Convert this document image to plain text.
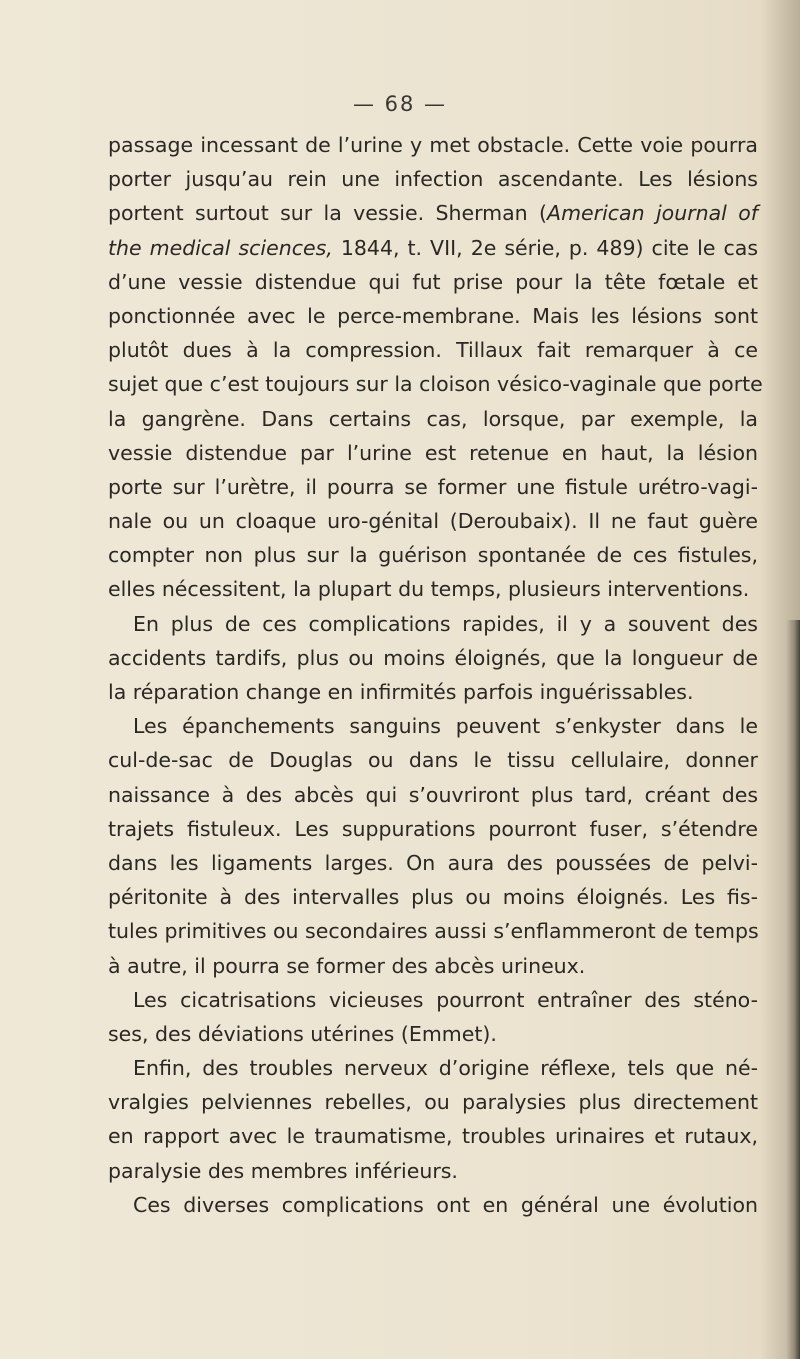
— 68 —
passage incessant de l’urine y met obstacle. Cette voie pourra
porter jusqu’au rein une infection ascendante. Les lésions
portent surtout sur la vessie. Sherman (American journal of
the medical sciences, 1844, t. VII, 2e série, p. 489) cite le cas
d’une vessie distendue qui fut prise pour la tête fœtale et
ponctionnée avec le perce-membrane. Mais les lésions sont
plutôt dues à la compression. Tillaux fait remarquer à ce
sujet que c’est toujours sur la cloison vésico-vaginale que porte
la gangrène. Dans certains cas, lorsque, par exemple, la
vessie distendue par l’urine est retenue en haut, la lésion
porte sur l’urètre, il pourra se former une fistule urétro-vagi-
nale ou un cloaque uro-génital (Deroubaix). Il ne faut guère
compter non plus sur la guérison spontanée de ces fistules,
elles nécessitent, la plupart du temps, plusieurs interventions.
En plus de ces complications rapides, il y a souvent des
accidents tardifs, plus ou moins éloignés, que la longueur de
la réparation change en infirmités parfois inguérissables.
Les épanchements sanguins peuvent s’enkyster dans le
cul-de-sac de Douglas ou dans le tissu cellulaire, donner
naissance à des abcès qui s’ouvriront plus tard, créant des
trajets fistuleux. Les suppurations pourront fuser, s’étendre
dans les ligaments larges. On aura des poussées de pelvi-
péritonite à des intervalles plus ou moins éloignés. Les fis-
tules primitives ou secondaires aussi s’enflammeront de temps
à autre, il pourra se former des abcès urineux.
Les cicatrisations vicieuses pourront entraîner des sténo-
ses, des déviations utérines (Emmet).
Enfin, des troubles nerveux d’origine réflexe, tels que né-
vralgies pelviennes rebelles, ou paralysies plus directement
en rapport avec le traumatisme, troubles urinaires et rutaux,
paralysie des membres inférieurs.
Ces diverses complications ont en général une évolution
